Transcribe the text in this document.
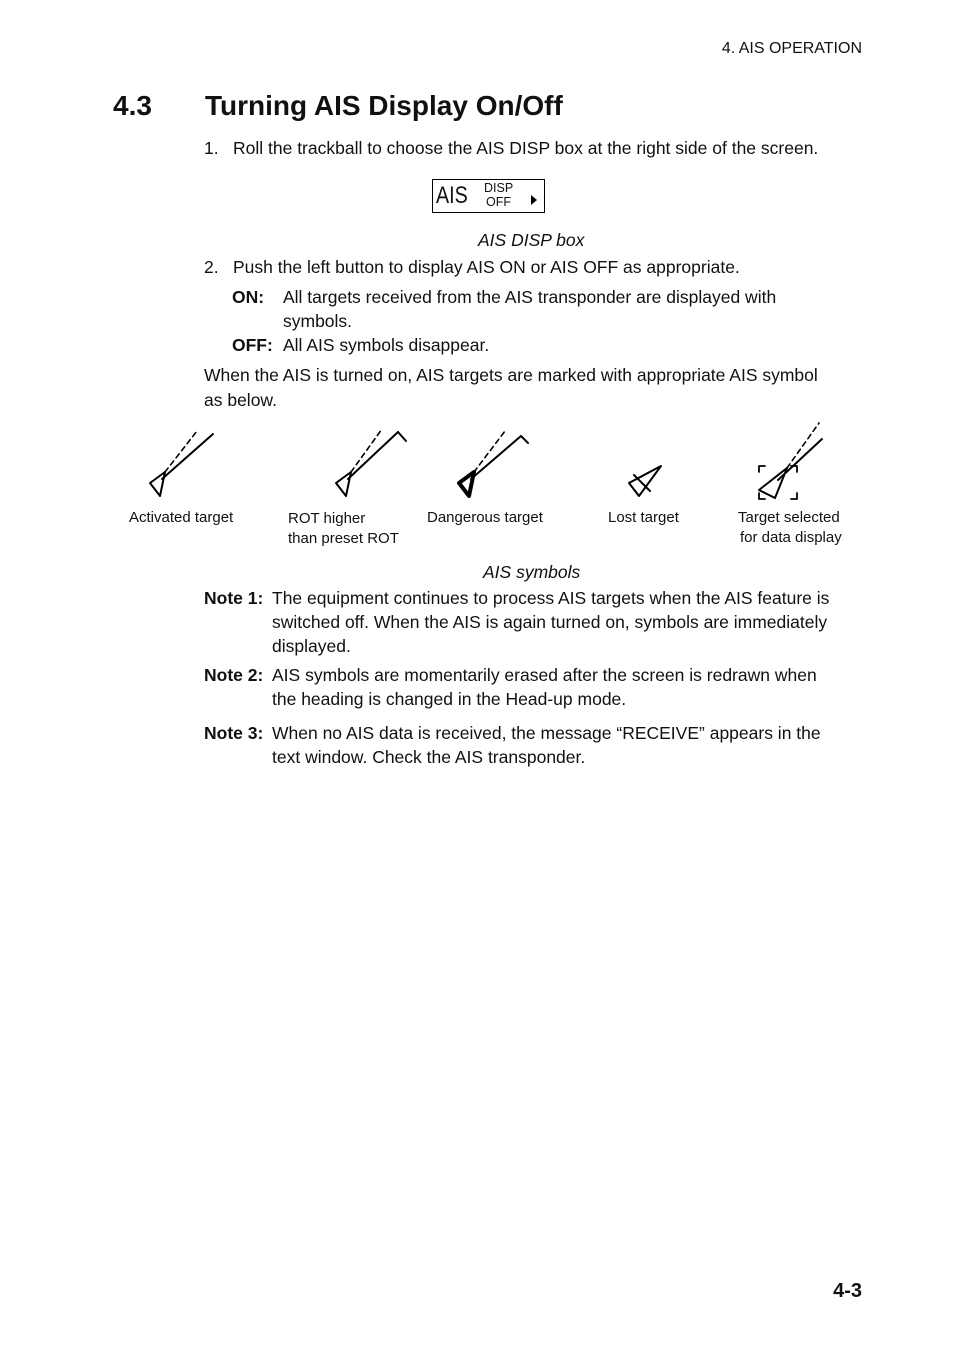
4. AIS OPERATION
4.3 Turning AIS Display On/Off
1. Roll the trackball to choose the AIS DISP box at the right side of the screen.
AIS DISP
OFF
AIS DISP box
2. Push the left button to display AIS ON or AIS OFF as appropriate.
ON: All targets received from the AIS transponder are displayed with
symbols.
OFF: All AIS symbols disappear.
When the AIS is turned on, AIS targets are marked with appropriate AIS symbol
as below.
Activated target	ROT higher
than preset ROT
Dangerous target	Lost target	Target selected
for data display
AIS symbols
Note 1: The equipment continues to process AIS targets when the AIS feature is
switched off. When the AIS is again turned on, symbols are immediately
displayed.
Note 2: AIS symbols are momentarily erased after the screen is redrawn when
the heading is changed in the Head-up mode.
Note 3: When no AIS data is received, the message “RECEIVE” appears in the
text window. Check the AIS transponder.
4-3
